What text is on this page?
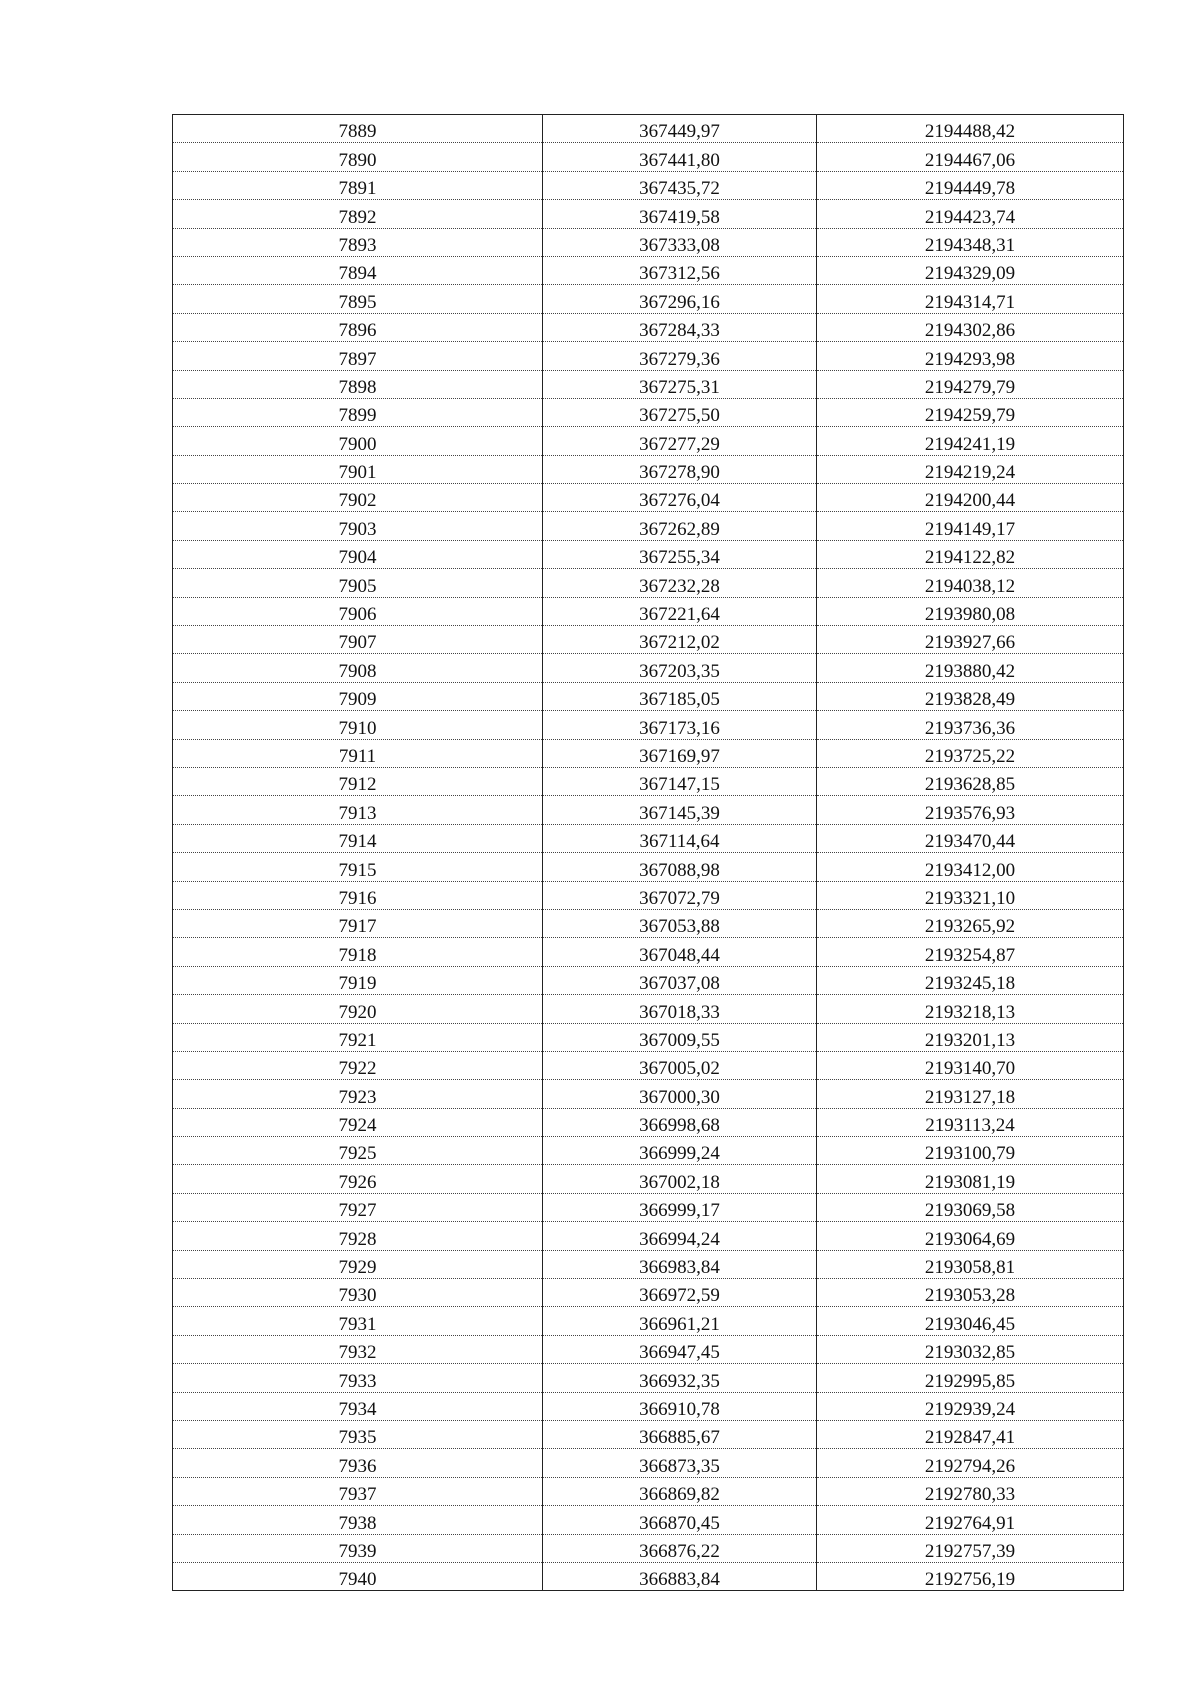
7889	367449,97	2194488,42
7890	367441,80	2194467,06
7891	367435,72	2194449,78
7892	367419,58	2194423,74
7893	367333,08	2194348,31
7894	367312,56	2194329,09
7895	367296,16	2194314,71
7896	367284,33	2194302,86
7897	367279,36	2194293,98
7898	367275,31	2194279,79
7899	367275,50	2194259,79
7900	367277,29	2194241,19
7901	367278,90	2194219,24
7902	367276,04	2194200,44
7903	367262,89	2194149,17
7904	367255,34	2194122,82
7905	367232,28	2194038,12
7906	367221,64	2193980,08
7907	367212,02	2193927,66
7908	367203,35	2193880,42
7909	367185,05	2193828,49
7910	367173,16	2193736,36
7911	367169,97	2193725,22
7912	367147,15	2193628,85
7913	367145,39	2193576,93
7914	367114,64	2193470,44
7915	367088,98	2193412,00
7916	367072,79	2193321,10
7917	367053,88	2193265,92
7918	367048,44	2193254,87
7919	367037,08	2193245,18
7920	367018,33	2193218,13
7921	367009,55	2193201,13
7922	367005,02	2193140,70
7923	367000,30	2193127,18
7924	366998,68	2193113,24
7925	366999,24	2193100,79
7926	367002,18	2193081,19
7927	366999,17	2193069,58
7928	366994,24	2193064,69
7929	366983,84	2193058,81
7930	366972,59	2193053,28
7931	366961,21	2193046,45
7932	366947,45	2193032,85
7933	366932,35	2192995,85
7934	366910,78	2192939,24
7935	366885,67	2192847,41
7936	366873,35	2192794,26
7937	366869,82	2192780,33
7938	366870,45	2192764,91
7939	366876,22	2192757,39
7940	366883,84	2192756,19
